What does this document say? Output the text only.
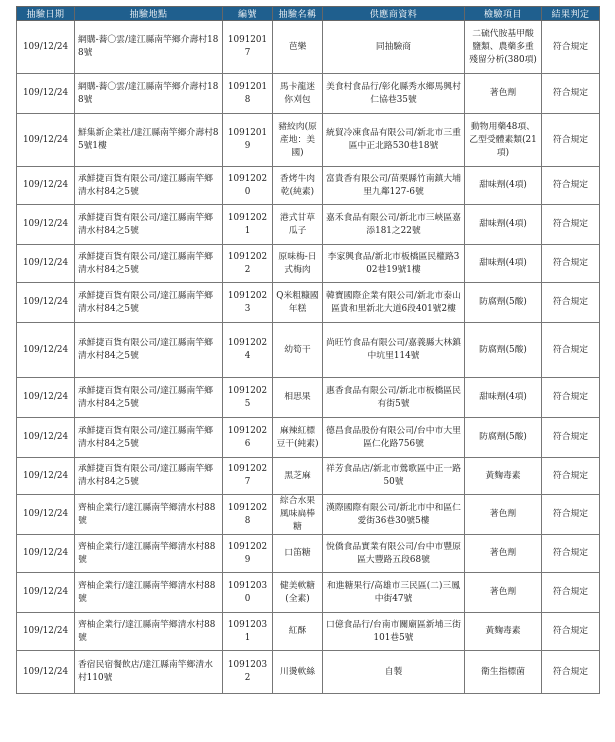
抽驗日期	抽驗地點	編號	抽驗名稱	供應商資料	檢驗項目	結果判定
109/12/24	網購-蕎〇雲/達江縣南竿鄉介壽村188號	10912017	芭樂	同抽驗商	二硫代胺基甲酸鹽類、農藥多重殘留分析(380項)	符合規定
109/12/24	網購-蕎〇雲/達江縣南竿鄉介壽村188號	10912018	馬卡龍迷你刈包	美食村食品行/彰化縣秀水鄉馬興村仁協巷35號	著色劑	符合規定
109/12/24	鮮集新企業社/達江縣南竿鄉介壽村85號1樓	10912019	豬絞肉(原產地：美國)	統貿冷凍食品有限公司/新北市三重區中正北路530巷18號	動物用藥48項、乙型受體素類(21項)	符合規定
109/12/24	承鮮捷百貨有限公司/達江縣南竿鄉清水村84之5號	10912020	香烤牛肉乾(純素)	富貴香有限公司/苗栗縣竹南鎮大埔里九鄰127-6號	甜味劑(4項)	符合規定
109/12/24	承鮮捷百貨有限公司/達江縣南竿鄉清水村84之5號	10912021	港式甘草瓜子	嘉禾食品有限公司/新北市三峽區嘉添181之22號	甜味劑(4項)	符合規定
109/12/24	承鮮捷百貨有限公司/達江縣南竿鄉清水村84之5號	10912022	原味梅-日式梅肉	李家興食品/新北市板橋區民權路302巷19號1樓	甜味劑(4項)	符合規定
109/12/24	承鮮捷百貨有限公司/達江縣南竿鄉清水村84之5號	10912023	Q米粗糠國年糕	韓寶國際企業有限公司/新北市泰山區貴和里新北大道6段401號2樓	防腐劑(5酸)	符合規定
109/12/24	承鮮捷百貨有限公司/達江縣南竿鄉清水村84之5號	10912024	幼筍干	尚旺竹食品有限公司/嘉義縣大林鎮中坑里114號	防腐劑(5酸)	符合規定
109/12/24	承鮮捷百貨有限公司/達江縣南竿鄉清水村84之5號	10912025	相思果	惠香食品有限公司/新北市板橋區民有街5號	甜味劑(4項)	符合規定
109/12/24	承鮮捷百貨有限公司/達江縣南竿鄉清水村84之5號	10912026	麻辣紅標豆干(純素)	德昌食品股份有限公司/台中市大里區仁化路756號	防腐劑(5酸)	符合規定
109/12/24	承鮮捷百貨有限公司/達江縣南竿鄉清水村84之5號	10912027	黑芝麻	祥芳食品店/新北市鶯歌區中正一路50號	黃麴毒素	符合規定
109/12/24	齊柚企業行/達江縣南竿鄉清水村88號	10912028	綜合水果風味扁棒糖	漢際國際有限公司/新北市中和區仁愛街36巷30號5樓	著色劑	符合規定
109/12/24	齊柚企業行/達江縣南竿鄉清水村88號	10912029	口笛糖	悅僑食品實業有限公司/台中市豐原區大豐路五段68號	著色劑	符合規定
109/12/24	齊柚企業行/達江縣南竿鄉清水村88號	10912030	健美軟糖(全素)	和進糖果行/高雄市三民區(二)三鳳中街47號	著色劑	符合規定
109/12/24	齊柚企業行/達江縣南竿鄉清水村88號	10912031	紅酥	口億食品行/台南市關廟區新埔三街101巷5號	黃麴毒素	符合規定
109/12/24	香宿民宿餐飲店/達江縣南竿鄉清水村110號	10912032	川燙軟絲	自製	衛生指標菌	符合規定
